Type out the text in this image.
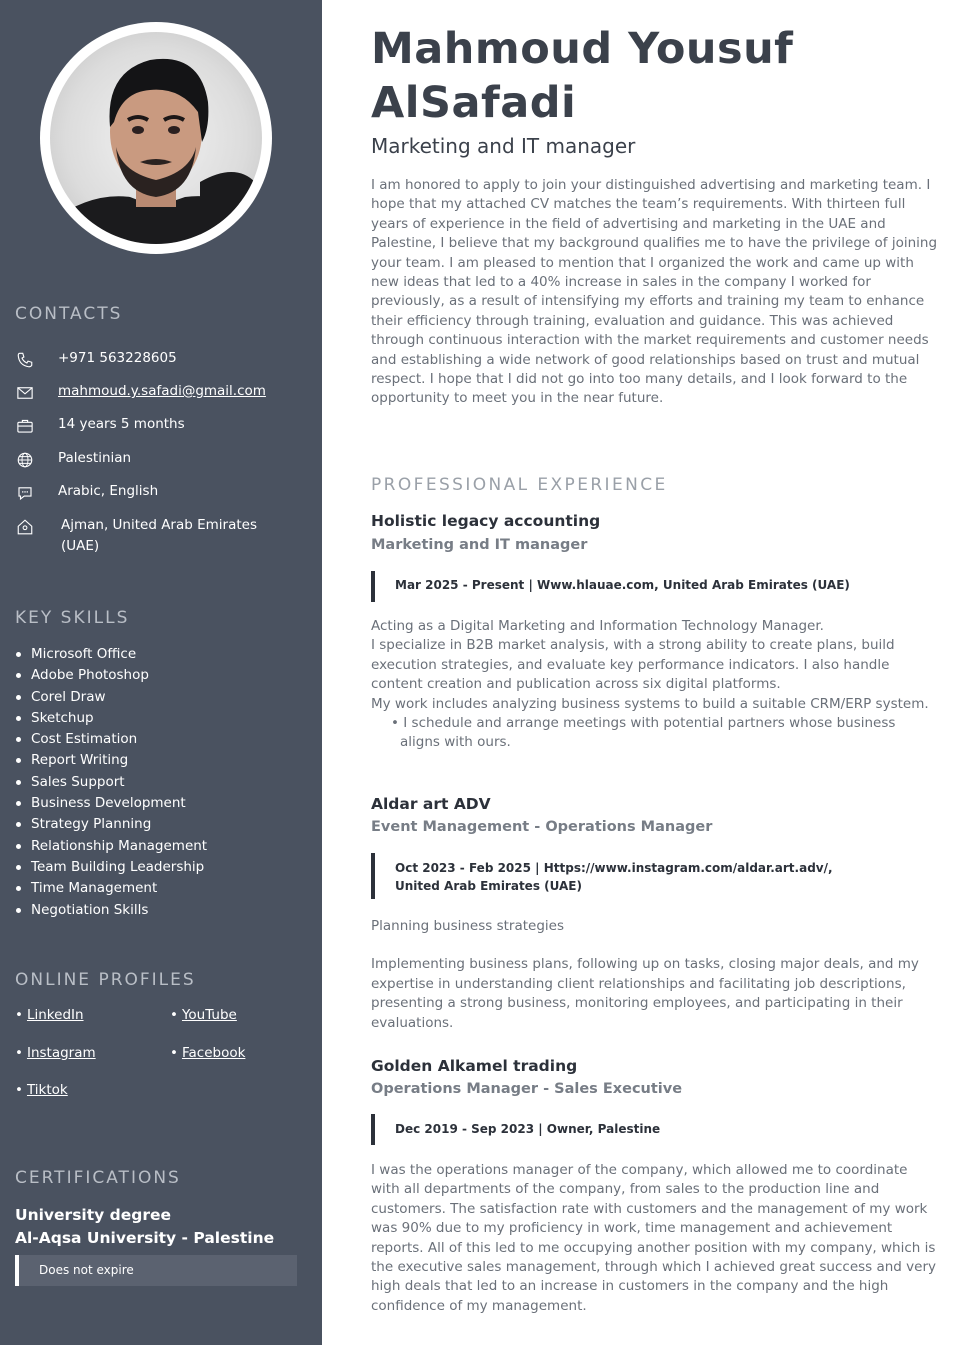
CONTACTS
+971 563228605
mahmoud.y.safadi@gmail.com
14 years 5 months
Palestinian
Arabic, English
Ajman, United Arab Emirates (UAE)
KEY SKILLS
Microsoft Office
Adobe Photoshop
Corel Draw
Sketchup
Cost Estimation
Report Writing
Sales Support
Business Development
Strategy Planning
Relationship Management
Team Building Leadership
Time Management
Negotiation Skills
ONLINE PROFILES
• LinkedIn	• YouTube
• Instagram	• Facebook
• Tiktok
CERTIFICATIONS
University degree
Al-Aqsa University - Palestine
Does not expire
Mahmoud Yousuf AlSafadi
Marketing and IT manager
I am honored to apply to join your distinguished advertising and marketing team. I hope that my attached CV matches the team’s requirements. With thirteen full years of experience in the field of advertising and marketing in the UAE and Palestine, I believe that my background qualifies me to have the privilege of joining your team. I am pleased to mention that I organized the work and came up with new ideas that led to a 40% increase in sales in the company I worked for previously, as a result of intensifying my efforts and training my team to enhance their efficiency through training, evaluation and guidance. This was achieved through continuous interaction with the market requirements and customer needs and establishing a wide network of good relationships based on trust and mutual respect. I hope that I did not go into too many details, and I look forward to the opportunity to meet you in the near future.
PROFESSIONAL EXPERIENCE
Holistic legacy accounting
Marketing and IT manager
Mar 2025 - Present | Www.hlauae.com, United Arab Emirates (UAE)
Acting as a Digital Marketing and Information Technology Manager.
I specialize in B2B market analysis, with a strong ability to create plans, build execution strategies, and evaluate key performance indicators. I also handle content creation and publication across six digital platforms.
My work includes analyzing business systems to build a suitable CRM/ERP system.
• I schedule and arrange meetings with potential partners whose business aligns with ours.
Aldar art ADV
Event Management - Operations Manager
Oct 2023 - Feb 2025 | Https://www.instagram.com/aldar.art.adv/, United Arab Emirates (UAE)
Planning business strategies
Implementing business plans, following up on tasks, closing major deals, and my expertise in understanding client relationships and facilitating job descriptions, presenting a strong business, monitoring employees, and participating in their evaluations.
Golden Alkamel trading
Operations Manager - Sales Executive
Dec 2019 - Sep 2023 | Owner, Palestine
I was the operations manager of the company, which allowed me to coordinate with all departments of the company, from sales to the production line and customers. The satisfaction rate with customers and the management of my work was 90% due to my proficiency in work, time management and achievement reports. All of this led to me occupying another position with my company, which is the executive sales management, through which I achieved great success and very high deals that led to an increase in customers in the company and the high confidence of my management.
